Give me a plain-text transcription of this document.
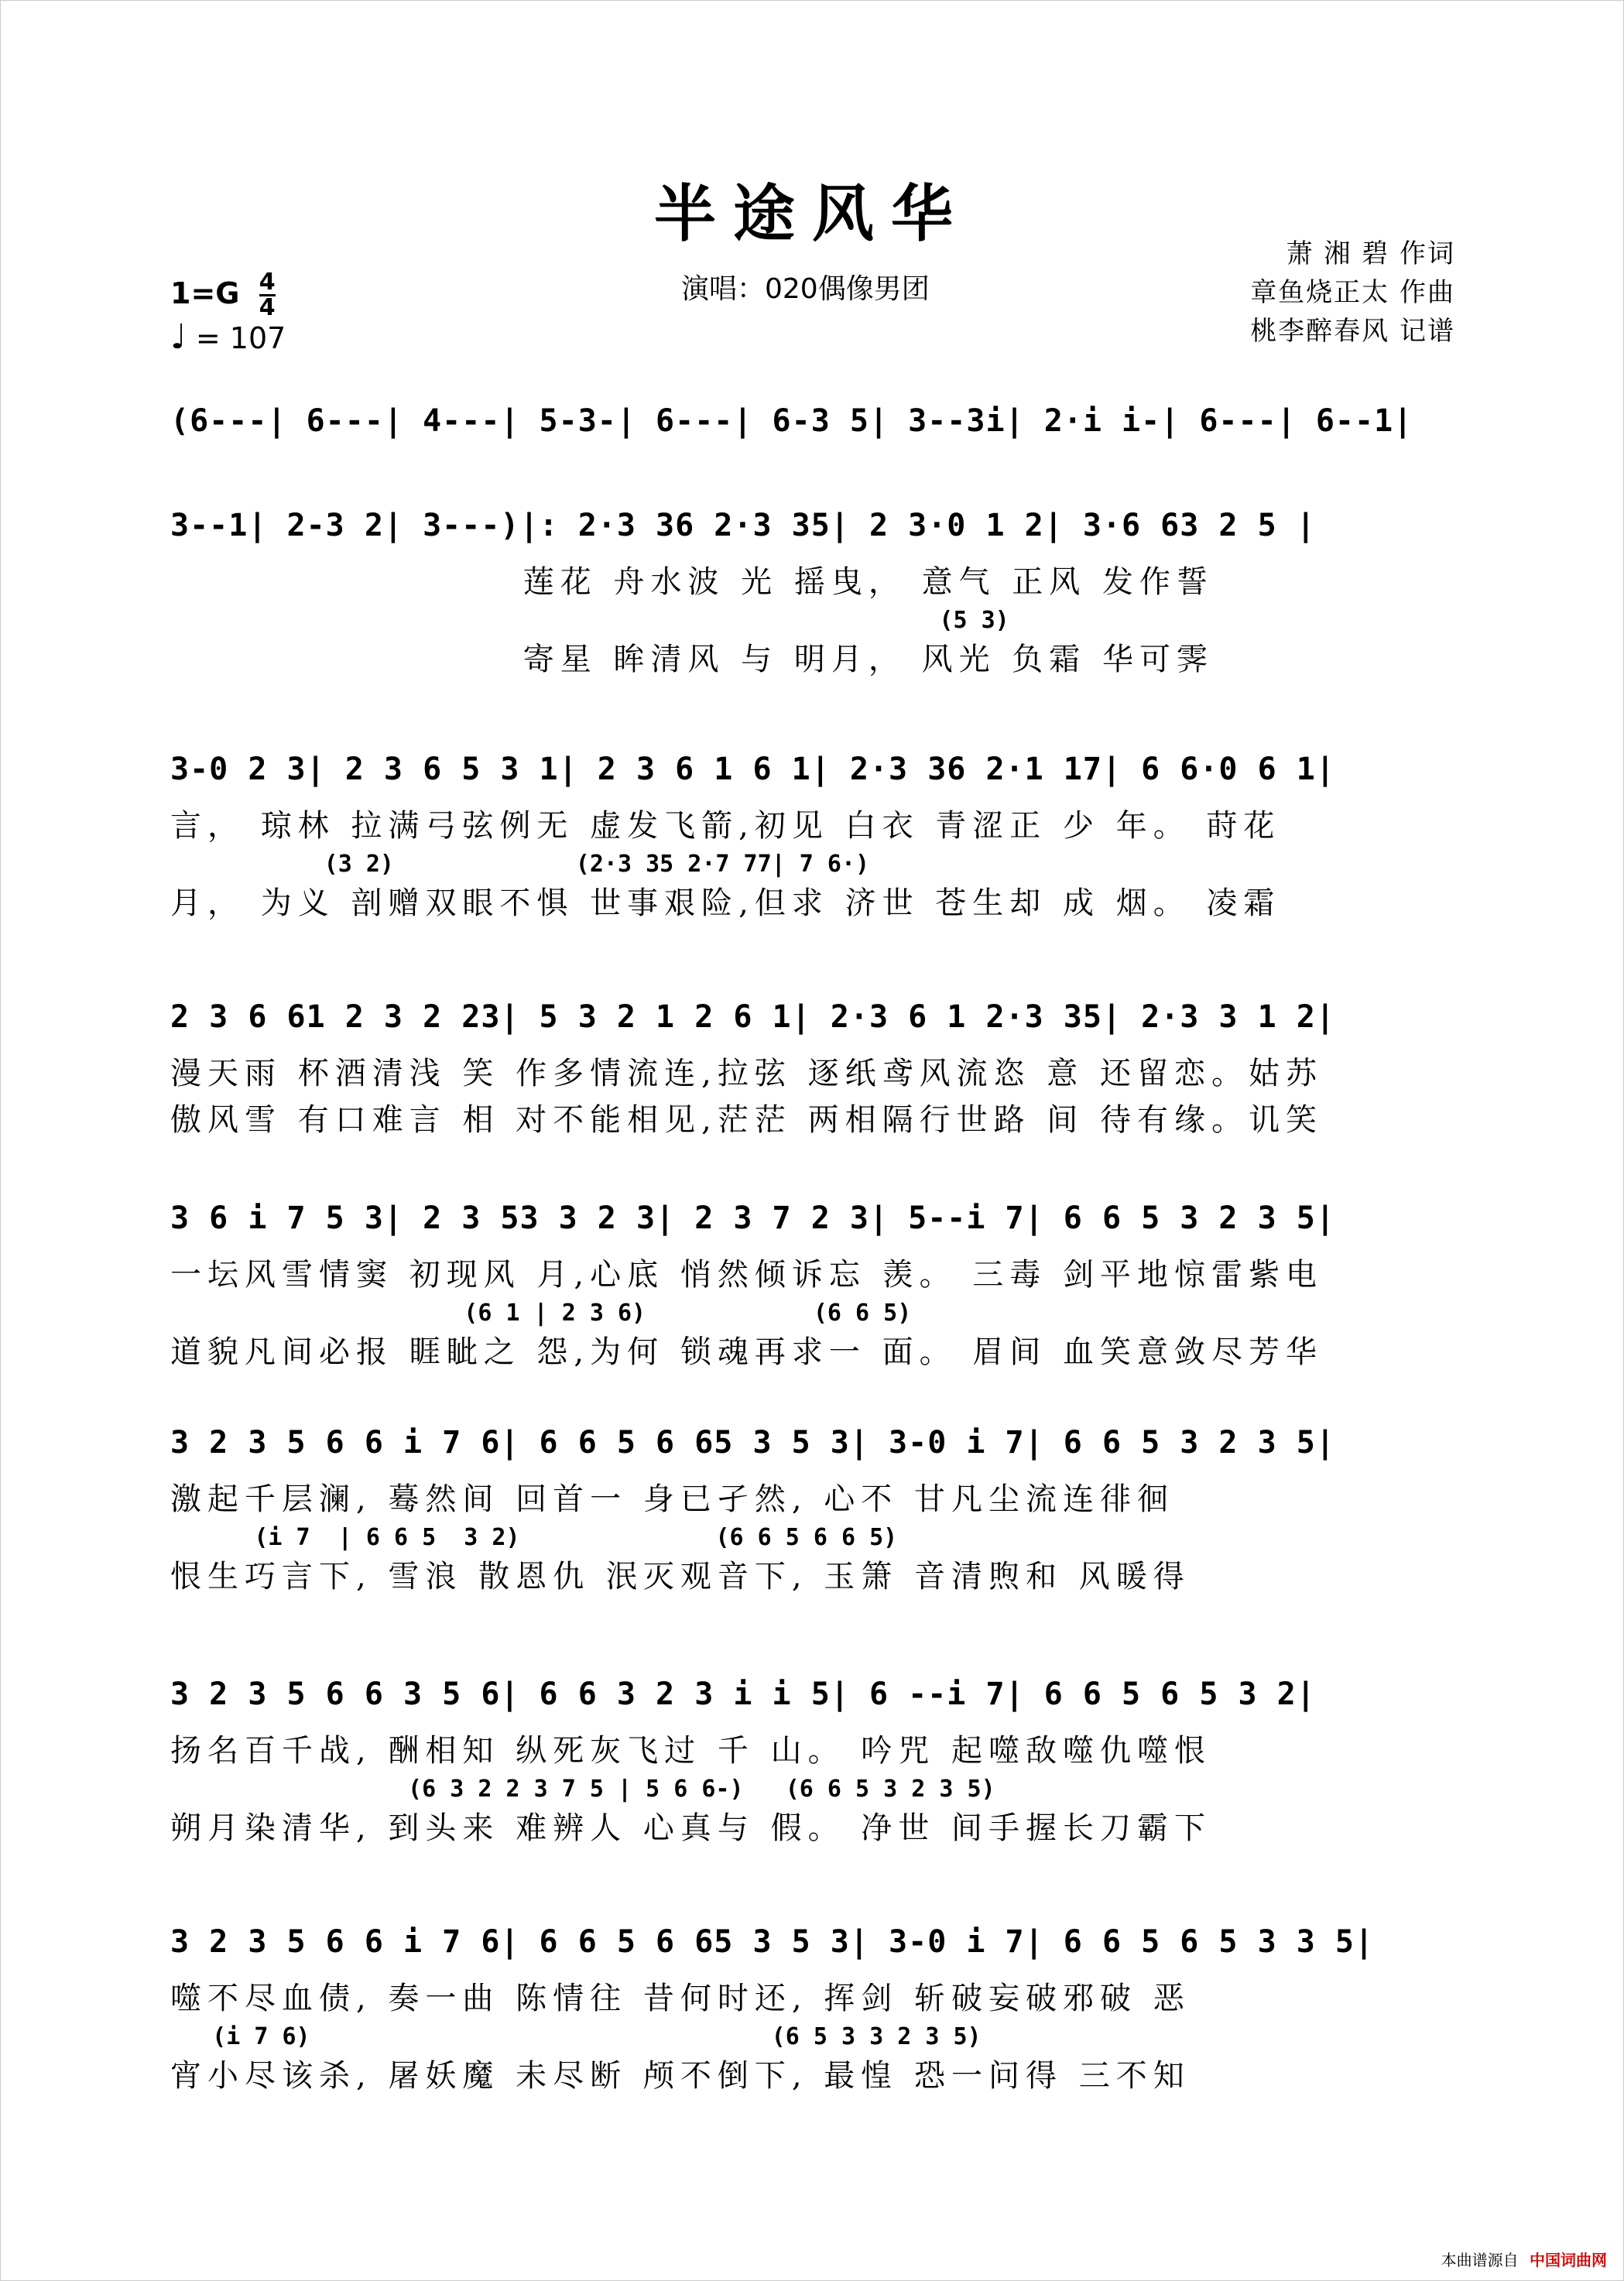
半途风华
演唱：020偶像男团
萧 湘 碧 作词
章鱼烧正太 作曲
桃李醉春风 记谱
$1=G \frac{4}{4}$
♩ = 107
(6---| 6---| 4---| 5-3-| 6---| 6-3 5| 3--3i| 2·i i-| 6---| 6--1|
3--1| 2-3 2| 3---)|: 2·3 36 2·3 35| 2 3·0 1 2| 3·6 63 2 5 |
莲花 舟水波 光 摇曳， 意气 正风 发作誓
(5 3)
寄星 眸清风 与 明月， 风光 负霜 华可霁
3-0 2 3| 2 3 6 5 3 1| 2 3 6 1 6 1| 2·3 36 2·1 17| 6 6·0 6 1|
言， 琼林 拉满弓弦例无 虚发飞箭,初见 白衣 青涩正 少 年。 莳花
(3 2)             (2·3 35 2·7 77| 7 6·)
月， 为义 剖赠双眼不惧 世事艰险,但求 济世 苍生却 成 烟。 凌霜
2 3 6 61 2 3 2 23| 5 3 2 1 2 6 1| 2·3 6 1 2·3 35| 2·3 3 1 2|
漫天雨 杯酒清浅 笑 作多情流连,拉弦 逐纸鸢风流恣 意 还留恋。姑苏
傲风雪 有口难言 相 对不能相见,茫茫 两相隔行世路 间 待有缘。讥笑
3 6 i 7 5 3| 2 3 53 3 2 3| 2 3 7 2 3| 5--i 7| 6 6 5 3 2 3 5|
一坛风雪情窦 初现风 月,心底 悄然倾诉忘 羡。 三毒 剑平地惊雷紫电
(6 1 | 2 3 6)            (6 6 5)
道貌凡间必报 睚眦之 怨,为何 锁魂再求一 面。 眉间 血笑意敛尽芳华
3 2 3 5 6 6 i 7 6| 6 6 5 6 65 3 5 3| 3-0 i 7| 6 6 5 3 2 3 5|
激起千层澜, 蓦然间 回首一 身已孑然, 心不 甘凡尘流连徘徊
(i 7  | 6 6 5  3 2)              (6 6 5 6 6 5)
恨生巧言下, 雪浪 散恩仇 泯灭观音下, 玉箫 音清煦和 风暖得
3 2 3 5 6 6 3 5 6| 6 6 3 2 3 i i 5| 6 --i 7| 6 6 5 6 5 3 2|
扬名百千战, 酬相知 纵死灰飞过 千 山。 吟咒 起噬敌噬仇噬恨
(6 3 2 2 3 7 5 | 5 6 6-)   (6 6 5 3 2 3 5)
朔月染清华, 到头来 难辨人 心真与 假。 净世 间手握长刀霸下
3 2 3 5 6 6 i 7 6| 6 6 5 6 65 3 5 3| 3-0 i 7| 6 6 5 6 5 3 3 5|
噬不尽血债, 奏一曲 陈情往 昔何时还, 挥剑 斩破妄破邪破 恶
(i 7 6)                                 (6 5 3 3 2 3 5)
宵小尽该杀, 屠妖魔 未尽断 颅不倒下, 最惶 恐一问得 三不知
本曲谱源自 中国词曲网
